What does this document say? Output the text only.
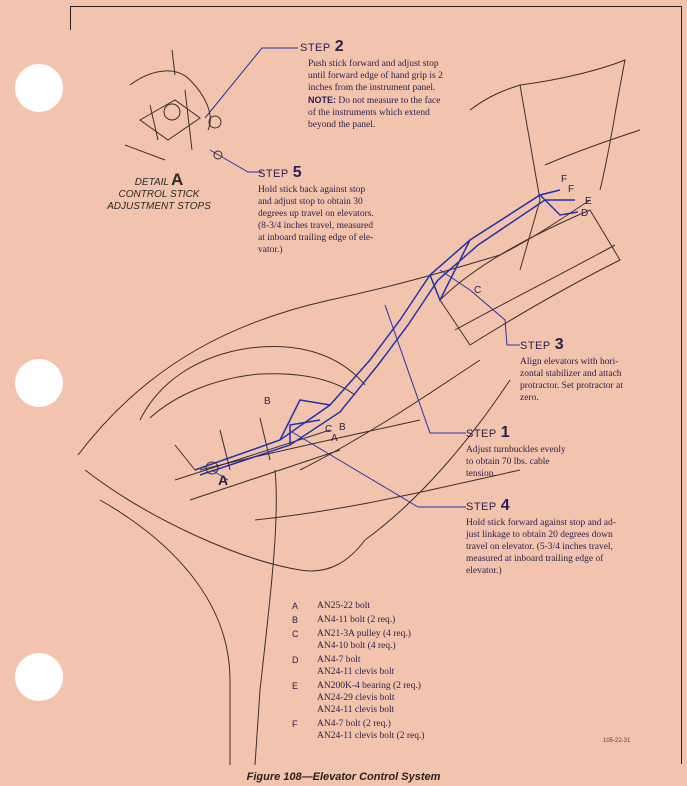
DETAIL A
CONTROL STICK
ADJUSTMENT STOPS
STEP 2
Push stick forward and adjust stop
until forward edge of hand grip is 2
inches from the instrument panel.
NOTE: Do not measure to the face
of the instruments which extend
beyond the panel.
STEP 5
Hold stick back against stop
and adjust stop to obtain 30
degrees up travel on elevators.
(8-3/4 inches travel, measured
at inboard trailing edge of ele-
vator.)
STEP 3
Align elevators with hori-
zontal stabilizer and attach
protractor. Set protractor at
zero.
STEP 1
Adjust turnbuckles evenly
to obtain 70 lbs. cable
tension.
STEP 4
Hold stick forward against stop and ad-
just linkage to obtain 20 degrees down
travel on elevator. (5-3/4 inches travel,
measured at inboard trailing edge of
elevator.)
A
A
B
B
C
C
D
E
F
F
A	AN25-22 bolt
B	AN4-11 bolt (2 req.)
C	AN21-3A pulley (4 req.)
AN4-10 bolt (4 req.)
D	AN4-7 bolt
AN24-11 clevis bolt
E	AN200K-4 bearing (2 req.)
AN24-29 clevis bolt
AN24-11 clevis bolt
F	AN4-7 bolt (2 req.)
AN24-11 clevis bolt (2 req.)	105-22-31
Figure 108—Elevator Control System
